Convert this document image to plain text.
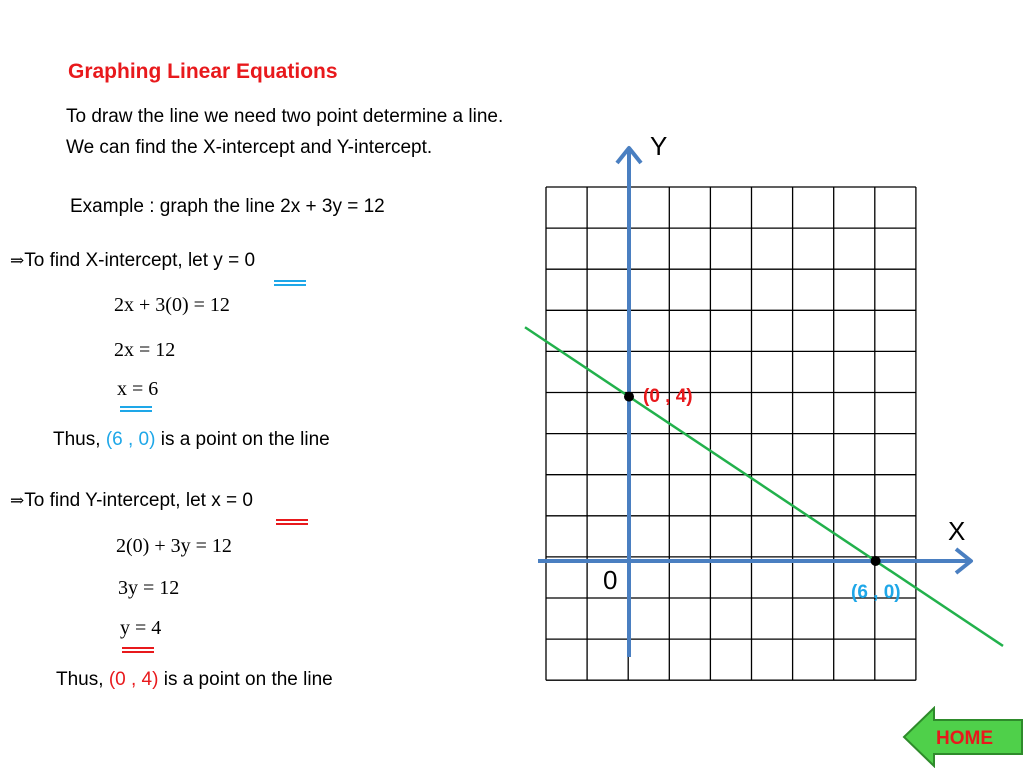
Graphing Linear Equations
To draw the line we need two point determine a line.
We can find the X-intercept and Y-intercept.
Example : graph the line 2x + 3y = 12
⇒To find X-intercept, let y = 0
2x + 3(0) = 12
2x = 12
x = 6
Thus, (6 , 0) is a point on the line
⇒To find Y-intercept, let x = 0
2(0) + 3y = 12
3y = 12
y = 4
Thus, (0 , 4) is a point on the line
Y
X
0
(0 , 4)
(6 , 0)
HOME
